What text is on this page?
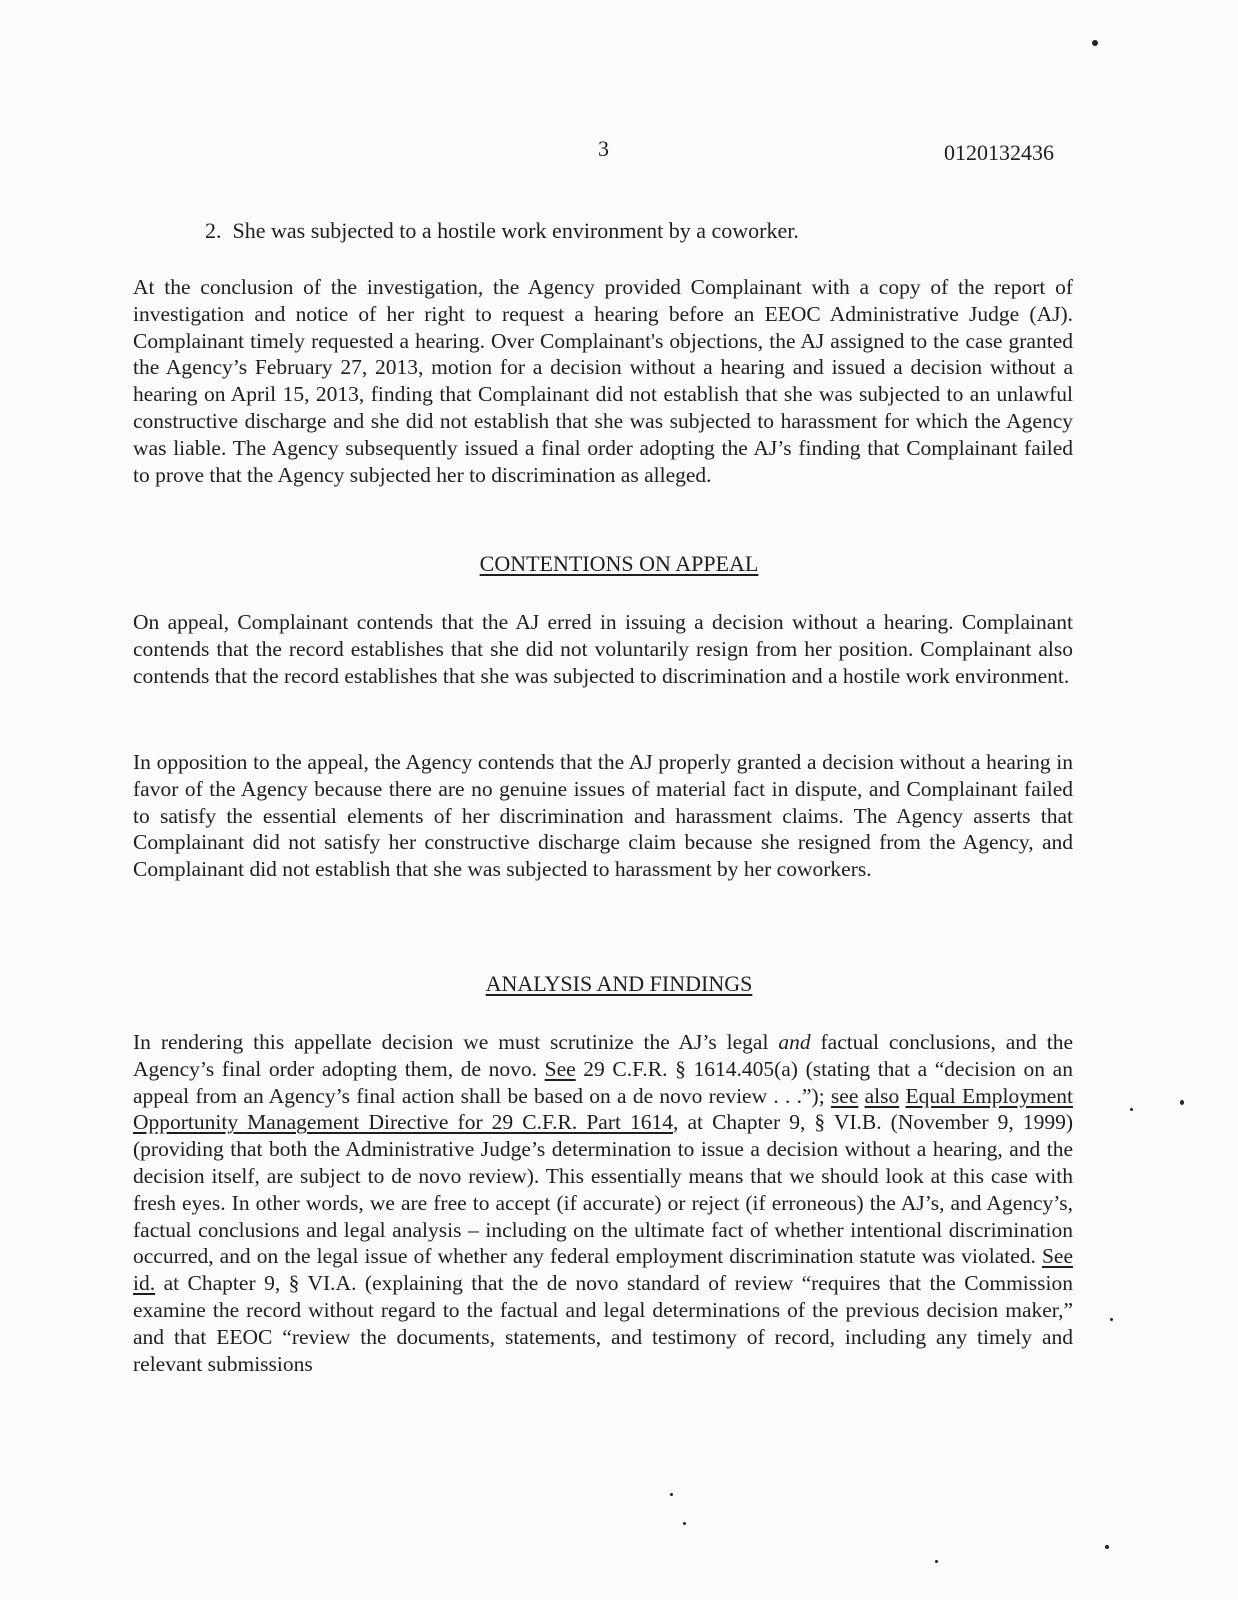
3	0120132436
2.  She was subjected to a hostile work environment by a coworker.
At the conclusion of the investigation, the Agency provided Complainant with a copy of the report of investigation and notice of her right to request a hearing before an EEOC Administrative Judge (AJ). Complainant timely requested a hearing. Over Complainant's objections, the AJ assigned to the case granted the Agency’s February 27, 2013, motion for a decision without a hearing and issued a decision without a hearing on April 15, 2013, finding that Complainant did not establish that she was subjected to an unlawful constructive discharge and she did not establish that she was subjected to harassment for which the Agency was liable. The Agency subsequently issued a final order adopting the AJ’s finding that Complainant failed to prove that the Agency subjected her to discrimination as alleged.
CONTENTIONS ON APPEAL
On appeal, Complainant contends that the AJ erred in issuing a decision without a hearing. Complainant contends that the record establishes that she did not voluntarily resign from her position. Complainant also contends that the record establishes that she was subjected to discrimination and a hostile work environment.
In opposition to the appeal, the Agency contends that the AJ properly granted a decision without a hearing in favor of the Agency because there are no genuine issues of material fact in dispute, and Complainant failed to satisfy the essential elements of her discrimination and harassment claims. The Agency asserts that Complainant did not satisfy her constructive discharge claim because she resigned from the Agency, and Complainant did not establish that she was subjected to harassment by her coworkers.
ANALYSIS AND FINDINGS
In rendering this appellate decision we must scrutinize the AJ’s legal and factual conclusions, and the Agency’s final order adopting them, de novo. See 29 C.F.R. § 1614.405(a) (stating that a “decision on an appeal from an Agency’s final action shall be based on a de novo review . . .”); see also Equal Employment Opportunity Management Directive for 29 C.F.R. Part 1614, at Chapter 9, § VI.B. (November 9, 1999) (providing that both the Administrative Judge’s determination to issue a decision without a hearing, and the decision itself, are subject to de novo review). This essentially means that we should look at this case with fresh eyes. In other words, we are free to accept (if accurate) or reject (if erroneous) the AJ’s, and Agency’s, factual conclusions and legal analysis – including on the ultimate fact of whether intentional discrimination occurred, and on the legal issue of whether any federal employment discrimination statute was violated. See id. at Chapter 9, § VI.A. (explaining that the de novo standard of review “requires that the Commission examine the record without regard to the factual and legal determinations of the previous decision maker,” and that EEOC “review the documents, statements, and testimony of record, including any timely and relevant submissions
